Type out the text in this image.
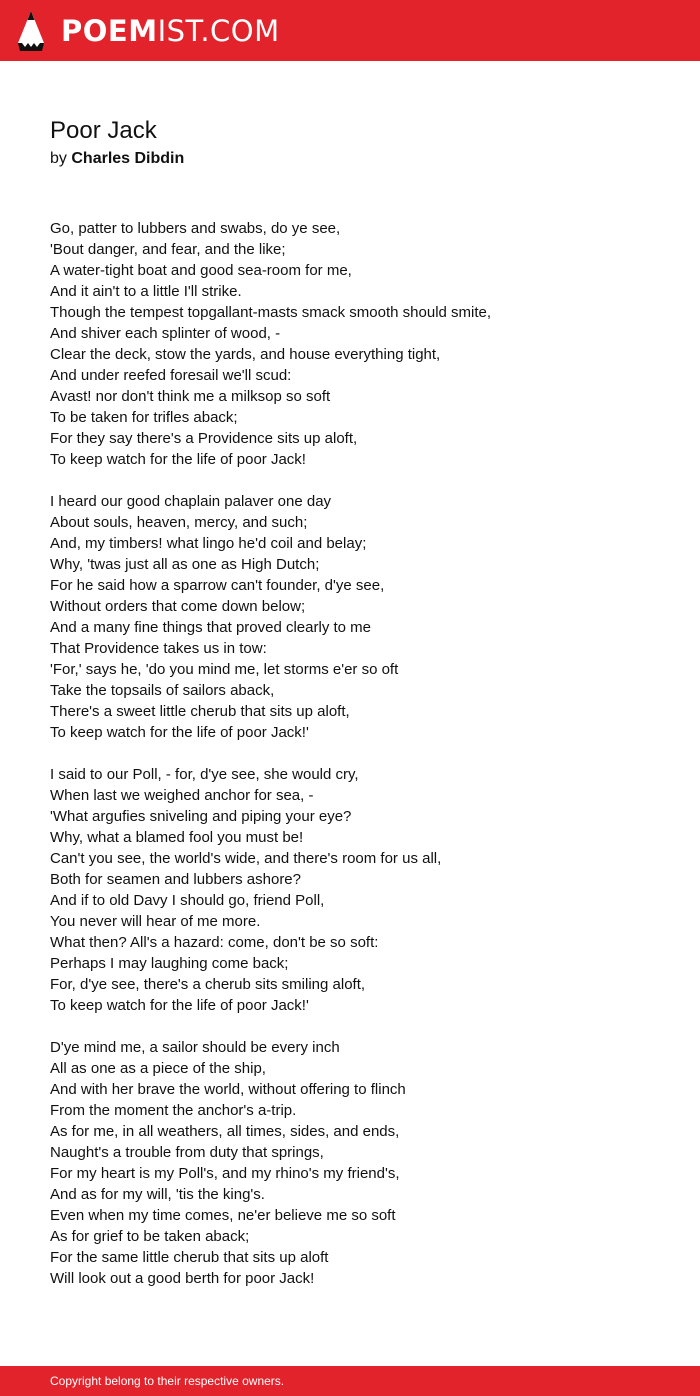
POEMIST.COM
Poor Jack
by Charles Dibdin
Go, patter to lubbers and swabs, do ye see,
'Bout danger, and fear, and the like;
A water-tight boat and good sea-room for me,
And it ain't to a little I'll strike.
Though the tempest topgallant-masts smack smooth should smite,
And shiver each splinter of wood, -
Clear the deck, stow the yards, and house everything tight,
And under reefed foresail we'll scud:
Avast! nor don't think me a milksop so soft
To be taken for trifles aback;
For they say there's a Providence sits up aloft,
To keep watch for the life of poor Jack!
I heard our good chaplain palaver one day
About souls, heaven, mercy, and such;
And, my timbers! what lingo he'd coil and belay;
Why, 'twas just all as one as High Dutch;
For he said how a sparrow can't founder, d'ye see,
Without orders that come down below;
And a many fine things that proved clearly to me
That Providence takes us in tow:
'For,' says he, 'do you mind me, let storms e'er so oft
Take the topsails of sailors aback,
There's a sweet little cherub that sits up aloft,
To keep watch for the life of poor Jack!'
I said to our Poll, - for, d'ye see, she would cry,
When last we weighed anchor for sea, -
'What argufies sniveling and piping your eye?
Why, what a blamed fool you must be!
Can't you see, the world's wide, and there's room for us all,
Both for seamen and lubbers ashore?
And if to old Davy I should go, friend Poll,
You never will hear of me more.
What then? All's a hazard: come, don't be so soft:
Perhaps I may laughing come back;
For, d'ye see, there's a cherub sits smiling aloft,
To keep watch for the life of poor Jack!'
D'ye mind me, a sailor should be every inch
All as one as a piece of the ship,
And with her brave the world, without offering to flinch
From the moment the anchor's a-trip.
As for me, in all weathers, all times, sides, and ends,
Naught's a trouble from duty that springs,
For my heart is my Poll's, and my rhino's my friend's,
And as for my will, 'tis the king's.
Even when my time comes, ne'er believe me so soft
As for grief to be taken aback;
For the same little cherub that sits up aloft
Will look out a good berth for poor Jack!
Copyright belong to their respective owners.
